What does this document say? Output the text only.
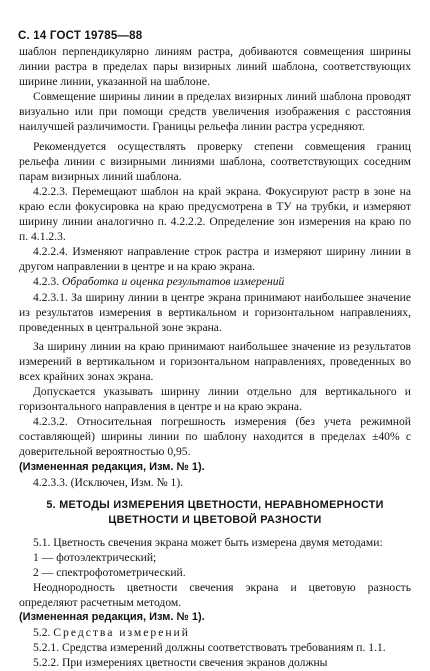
С. 14 ГОСТ 19785—88

шаблон перпендикулярно линиям растра, добиваются совмещения ширины линии растра в пределах пары визирных линий шаблона, соответствующих ширине линии, указанной на шаблоне.

Совмещение ширины линии в пределах визирных линий шаблона проводят визуально или при помощи средств увеличения изображения с расстояния наилучшей различимости. Границы рельефа линии растра усредняют.

Рекомендуется осуществлять проверку степени совмещения границ рельефа линии с визирными линиями шаблона, соответствующих соседним парам визирных линий шаблона.

4.2.2.3. Перемещают шаблон на край экрана. Фокусируют растр в зоне на краю если фокусировка на краю предусмотрена в ТУ на трубки, и измеряют ширину линии аналогично п. 4.2.2.2. Определение зон измерения на краю по п. 4.1.2.3.

4.2.2.4. Изменяют направление строк растра и измеряют ширину линии в другом направлении в центре и на краю экрана.

4.2.3. Обработка и оценка результатов измерений

4.2.3.1. За ширину линии в центре экрана принимают наибольшее значение из результатов измерения в вертикальном и горизонтальном направлениях, проведенных в центральной зоне экрана.

За ширину линии на краю принимают наибольшее значение из результатов измерений в вертикальном и горизонтальном направлениях, проведенных во всех крайних зонах экрана.

Допускается указывать ширину линии отдельно для вертикального и горизонтального направления в центре и на краю экрана.

4.2.3.2. Относительная погрешность измерения (без учета режимной составляющей) ширины линии по шаблону находится в пределах ±40% с доверительной вероятностью 0,95.

(Измененная редакция, Изм. № 1).

4.2.3.3. (Исключен, Изм. № 1).

5. МЕТОДЫ ИЗМЕРЕНИЯ ЦВЕТНОСТИ, НЕРАВНОМЕРНОСТИ
ЦВЕТНОСТИ И ЦВЕТОВОЙ РАЗНОСТИ

5.1. Цветность свечения экрана может быть измерена двумя методами:

1 — фотоэлектрический;

2 — спектрофотометрический.

Неоднородность цветности свечения экрана и цветовую разность определяют расчетным методом.

(Измененная редакция, Изм. № 1).

5.2. Средства измерений

5.2.1. Средства измерений должны соответствовать требованиям п. 1.1.

5.2.2. При измерениях цветности свечения экранов должны
